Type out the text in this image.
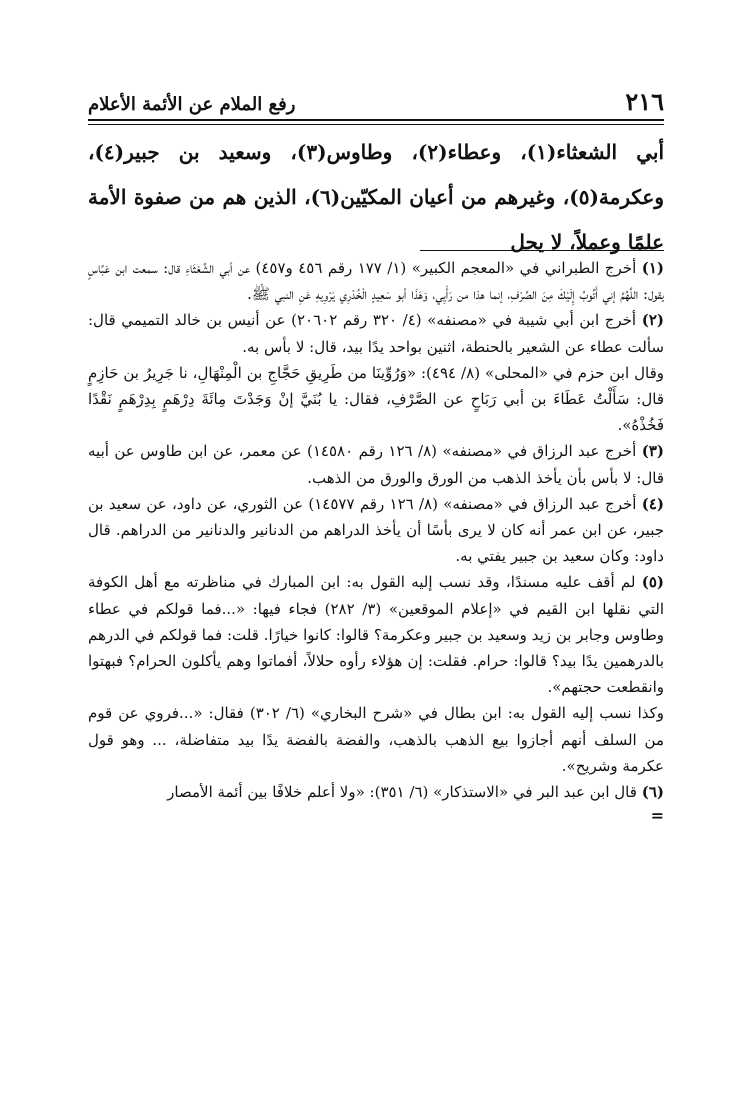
٢١٦
رفع الملام عن الأئمة الأعلام

أبي الشعثاء(١)، وعطاء(٢)، وطاوس(٣)، وسعيد بن جبير(٤)، وعكرمة(٥)، وغيرهم من أعيان المكيّين(٦)، الذين هم من صفوة الأمة علمًا وعملاً، لا يحل

(١) أخرج الطبراني في «المعجم الكبير» (١/ ١٧٧ رقم ٤٥٦ و٤٥٧) عن أبي الشَّعْثَاءِ قال: سمعت ابن عَبَّاسٍ يقول: اللَّهُمَّ إني أَتُوبُ إِلَيْكَ مِنَ الصَّرْفِ، إنما هذا من رَأْيِي، وَهَذَا أبو سَعِيدٍ الْخُدْرِي يَرْوِيهِ عَنِ النبي ﷺ.

(٢) أخرج ابن أبي شيبة في «مصنفه» (٤/ ٣٢٠ رقم ٢٠٦٠٢) عن أنيس بن خالد التميمي قال: سألت عطاء عن الشعير بالحنطة، اثنين بواحد يدًا بيد، قال: لا بأس به.

وقال ابن حزم في «المحلى» (٨/ ٤٩٤): «وَرُوِّينَا من طَرِيقِ حَجَّاجِ بن الْمِنْهَالِ، نا جَرِيرُ بن حَازِمٍ قال: سَأَلْتُ عَطَاءَ بن أبي رَبَاحٍ عن الصَّرْفِ، فقال: يا بُنَيَّ إنْ وَجَدْتَ مِائَةَ دِرْهَمٍ بِدِرْهَمٍ نَقْدًا فَخُذْهُ».

(٣) أخرج عبد الرزاق في «مصنفه» (٨/ ١٢٦ رقم ١٤٥٨٠) عن معمر، عن ابن طاوس عن أبيه قال: لا بأس بأن يأخذ الذهب من الورق والورق من الذهب.

(٤) أخرج عبد الرزاق في «مصنفه» (٨/ ١٢٦ رقم ١٤٥٧٧) عن الثوري، عن داود، عن سعيد بن جبير، عن ابن عمر أنه كان لا يرى بأسًا أن يأخذ الدراهم من الدنانير والدنانير من الدراهم. قال داود: وكان سعيد بن جبير يفتي به.

(٥) لم أقف عليه مسندًا، وقد نسب إليه القول به: ابن المبارك في مناظرته مع أهل الكوفة التي نقلها ابن القيم في «إعلام الموقعين» (٣/ ٢٨٢) فجاء فيها: «...فما قولكم في عطاء وطاوس وجابر بن زيد وسعيد بن جبير وعكرمة؟ قالوا: كانوا خيارًا. قلت: فما قولكم في الدرهم بالدرهمين يدًا بيد؟ قالوا: حرام. فقلت: إن هؤلاء رأوه حلالاً، أفماتوا وهم يأكلون الحرام؟ فبهتوا وانقطعت حجتهم».

وكذا نسب إليه القول به: ابن بطال في «شرح البخاري» (٦/ ٣٠٢) فقال: «...فروي عن قوم من السلف أنهم أجازوا بيع الذهب بالذهب، والفضة بالفضة يدًا بيد متفاضلة، ... وهو قول عكرمة وشريح».

(٦) قال ابن عبد البر في «الاستذكار» (٦/ ٣٥١): «ولا أعلم خلافًا بين أئمة الأمصار

=
